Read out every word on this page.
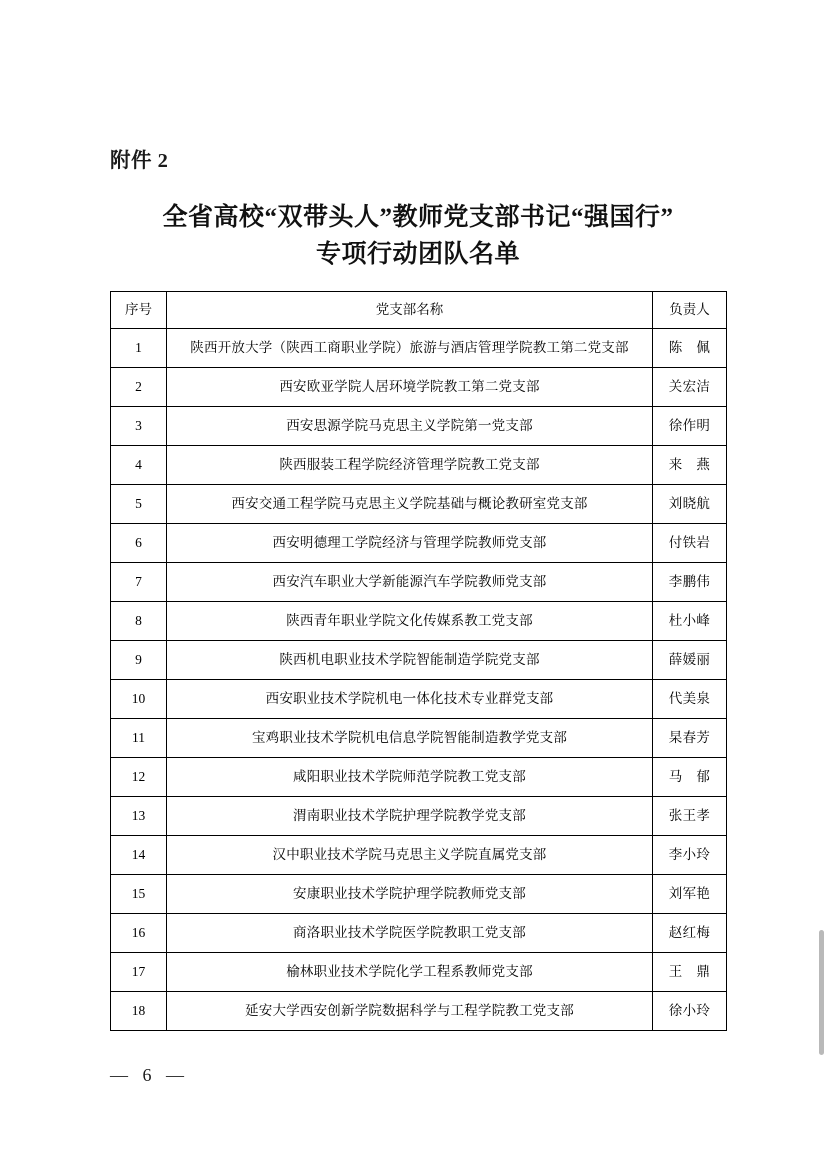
附件 2
全省高校“双带头人”教师党支部书记“强国行”
专项行动团队名单
序号	党支部名称	负责人
1	陕西开放大学（陕西工商职业学院）旅游与酒店管理学院教工第二党支部	陈　佩
2	西安欧亚学院人居环境学院教工第二党支部	关宏洁
3	西安思源学院马克思主义学院第一党支部	徐作明
4	陕西服装工程学院经济管理学院教工党支部	来　燕
5	西安交通工程学院马克思主义学院基础与概论教研室党支部	刘晓航
6	西安明德理工学院经济与管理学院教师党支部	付铁岩
7	西安汽车职业大学新能源汽车学院教师党支部	李鹏伟
8	陕西青年职业学院文化传媒系教工党支部	杜小峰
9	陕西机电职业技术学院智能制造学院党支部	薛媛丽
10	西安职业技术学院机电一体化技术专业群党支部	代美泉
11	宝鸡职业技术学院机电信息学院智能制造教学党支部	杲春芳
12	咸阳职业技术学院师范学院教工党支部	马　郁
13	渭南职业技术学院护理学院教学党支部	张王孝
14	汉中职业技术学院马克思主义学院直属党支部	李小玲
15	安康职业技术学院护理学院教师党支部	刘军艳
16	商洛职业技术学院医学院教职工党支部	赵红梅
17	榆林职业技术学院化学工程系教师党支部	王　鼎
18	延安大学西安创新学院数据科学与工程学院教工党支部	徐小玲
— 6 —
